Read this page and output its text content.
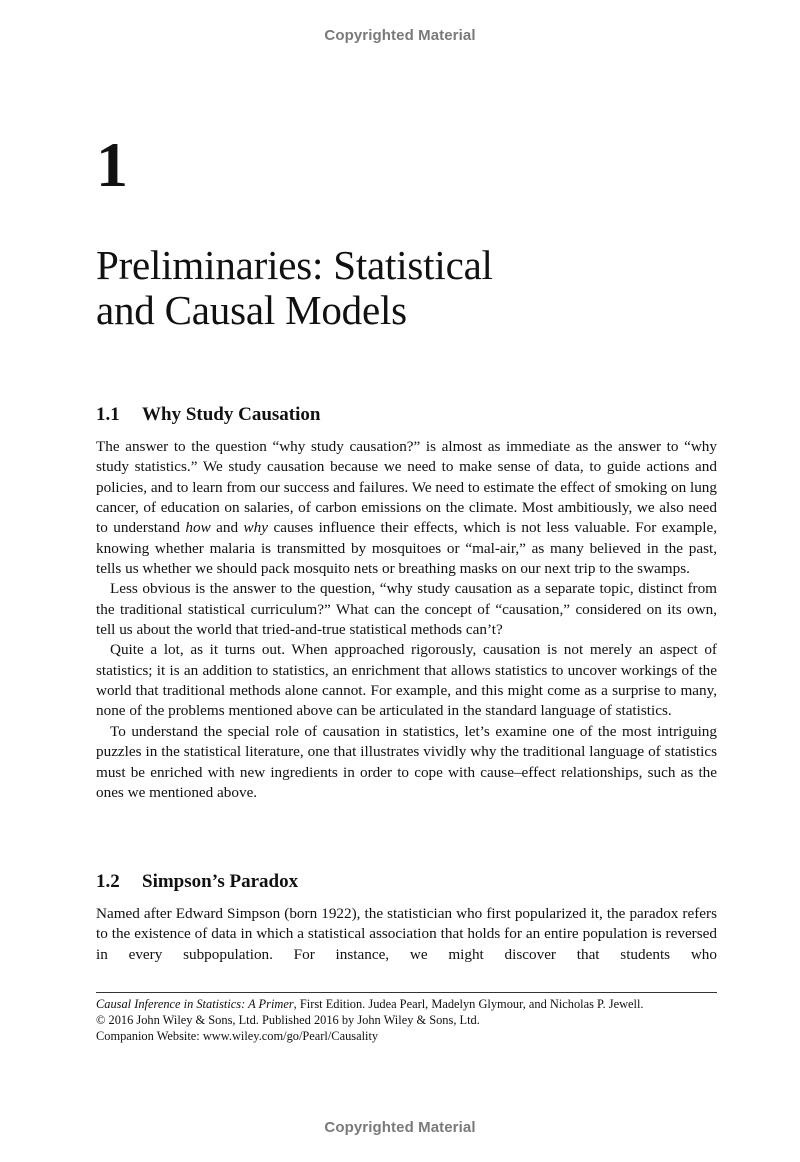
Copyrighted Material
1
Preliminaries: Statistical
and Causal Models
1.1 Why Study Causation

The answer to the question “why study causation?” is almost as immediate as the answer to “why study statistics.” We study causation because we need to make sense of data, to guide actions and policies, and to learn from our success and failures. We need to estimate the effect of smoking on lung cancer, of education on salaries, of carbon emissions on the climate. Most ambitiously, we also need to understand how and why causes influence their effects, which is not less valuable. For example, knowing whether malaria is transmitted by mosquitoes or “mal-air,” as many believed in the past, tells us whether we should pack mosquito nets or breathing masks on our next trip to the swamps.

Less obvious is the answer to the question, “why study causation as a separate topic, distinct from the traditional statistical curriculum?” What can the concept of “causation,” considered on its own, tell us about the world that tried-and-true statistical methods can’t?

Quite a lot, as it turns out. When approached rigorously, causation is not merely an aspect of statistics; it is an addition to statistics, an enrichment that allows statistics to uncover workings of the world that traditional methods alone cannot. For example, and this might come as a surprise to many, none of the problems mentioned above can be articulated in the standard language of statistics.

To understand the special role of causation in statistics, let’s examine one of the most intriguing puzzles in the statistical literature, one that illustrates vividly why the traditional language of statistics must be enriched with new ingredients in order to cope with cause–effect relationships, such as the ones we mentioned above.

1.2 Simpson’s Paradox

Named after Edward Simpson (born 1922), the statistician who first popularized it, the paradox refers to the existence of data in which a statistical association that holds for an entire population is reversed in every subpopulation. For instance, we might discover that students who

Causal Inference in Statistics: A Primer, First Edition. Judea Pearl, Madelyn Glymour, and Nicholas P. Jewell.
© 2016 John Wiley & Sons, Ltd. Published 2016 by John Wiley & Sons, Ltd.
Companion Website: www.wiley.com/go/Pearl/Causality
Copyrighted Material
